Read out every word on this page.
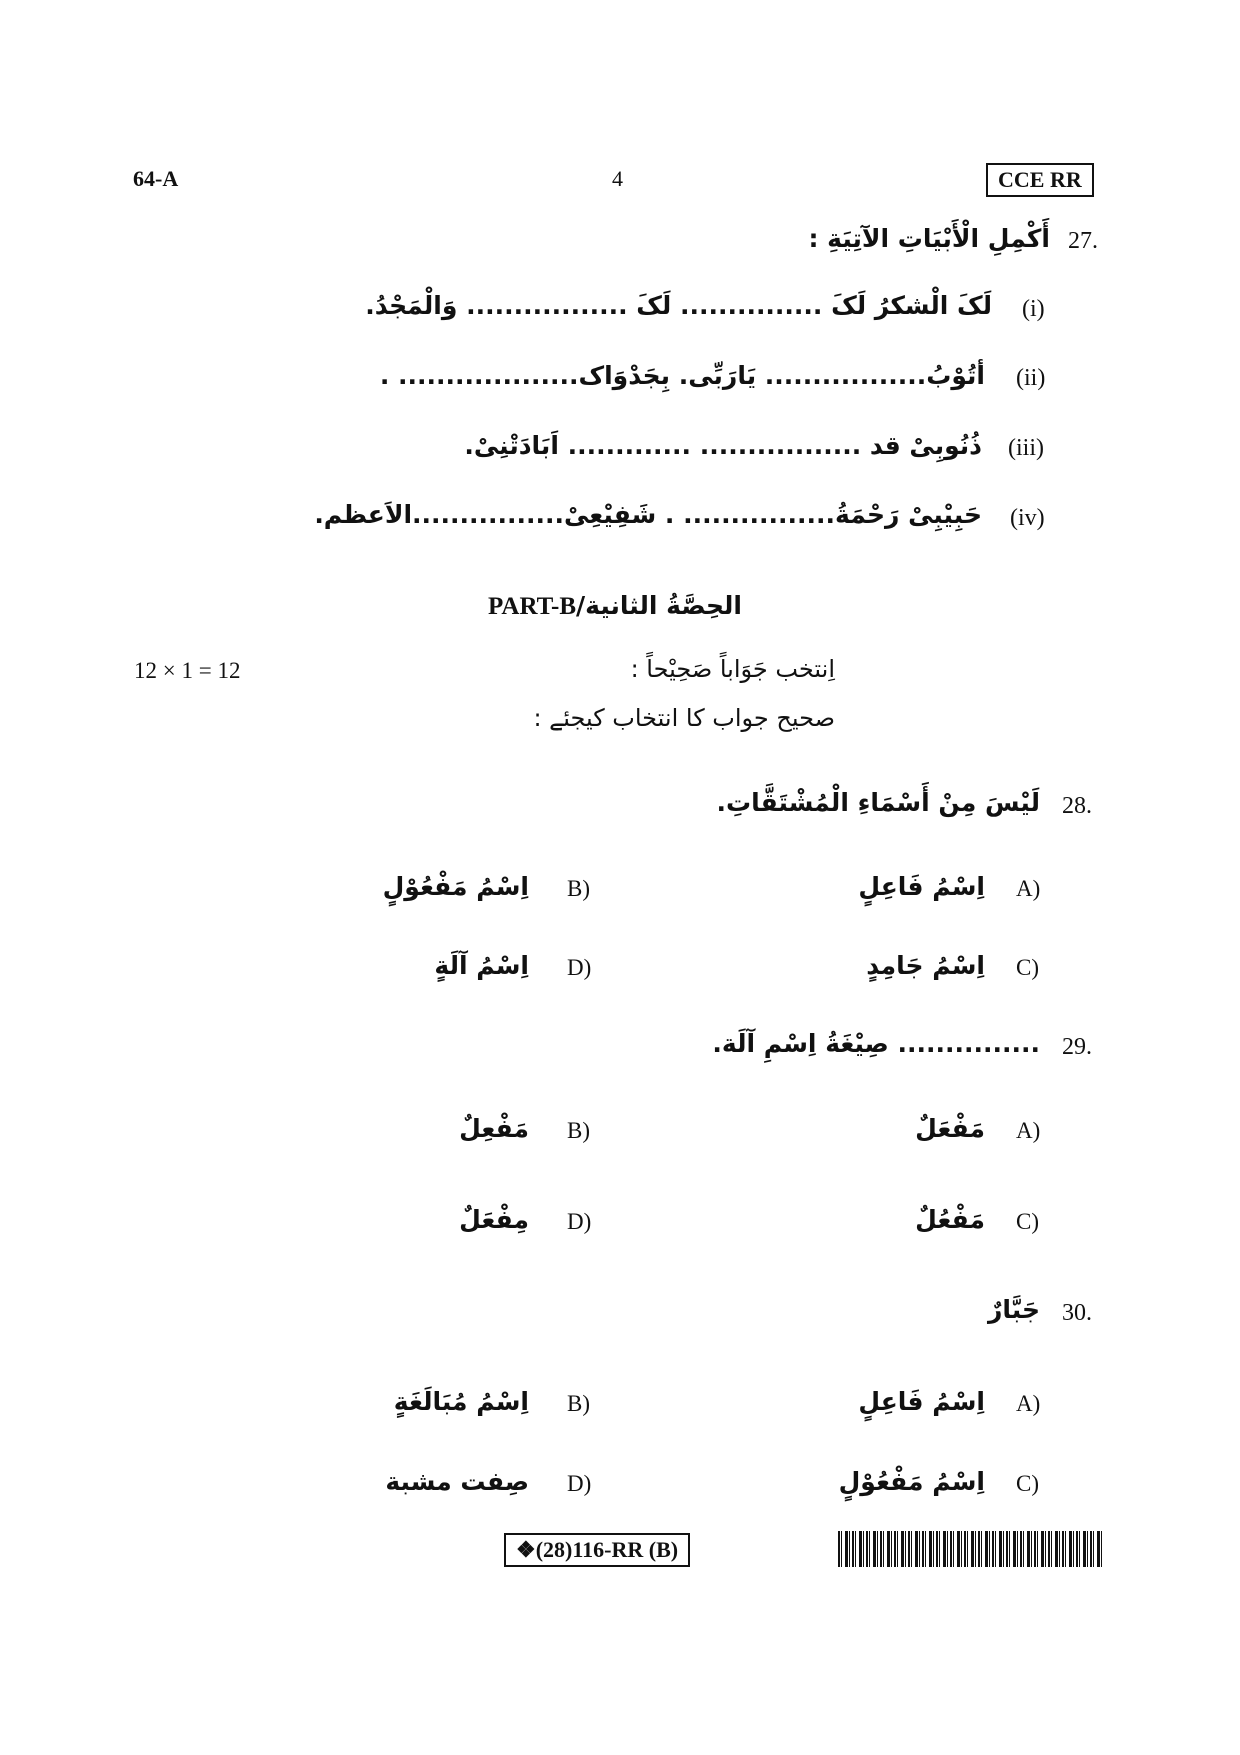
64-A	4	CCE RR
27.
أَكْمِلِ الْأَبْيَاتِ الآتِيَةِ :
(i)
لَکَ الْشكرُ لَکَ ............... لَکَ ................. وَالْمَجْدُ.
(ii)
أتُوْبُ................. يَارَبِّی. بِجَدْوَاک................... .
(iii)
ذُنُوبِیْ قد ................. ............. اَبَادَتْنِیْ.
(iv)
حَبِيْبِیْ رَحْمَةُ................ . شَفِيْعِیْ................الاَعظم.
PART-Bالحِصَّةُ الثانية/
12 × 1 = 12	اِنتخب جَوَاباً صَحِيْحاً :
صحیح جواب کا انتخاب کیجئے :
28.
لَيْسَ مِنْ أَسْمَاءِ الْمُشْتَقَّاتِ.
A)
اِسْمُ فَاعِلٍ
B)
اِسْمُ مَفْعُوْلٍ
C)
اِسْمُ جَامِدٍ
D)
اِسْمُ آلَةٍ
29.
............... صِيْغَةُ اِسْمِ آلَة.
A)
مَفْعَلٌ
B)
مَفْعِلٌ
C)
مَفْعُلٌ
D)
مِفْعَلٌ
30.
جَبَّارٌ
A)
اِسْمُ فَاعِلٍ
B)
اِسْمُ مُبَالَغَةٍ
C)
اِسْمُ مَفْعُوْلٍ
D)
صِفت مشبة
❖(28)116-RR (B)
